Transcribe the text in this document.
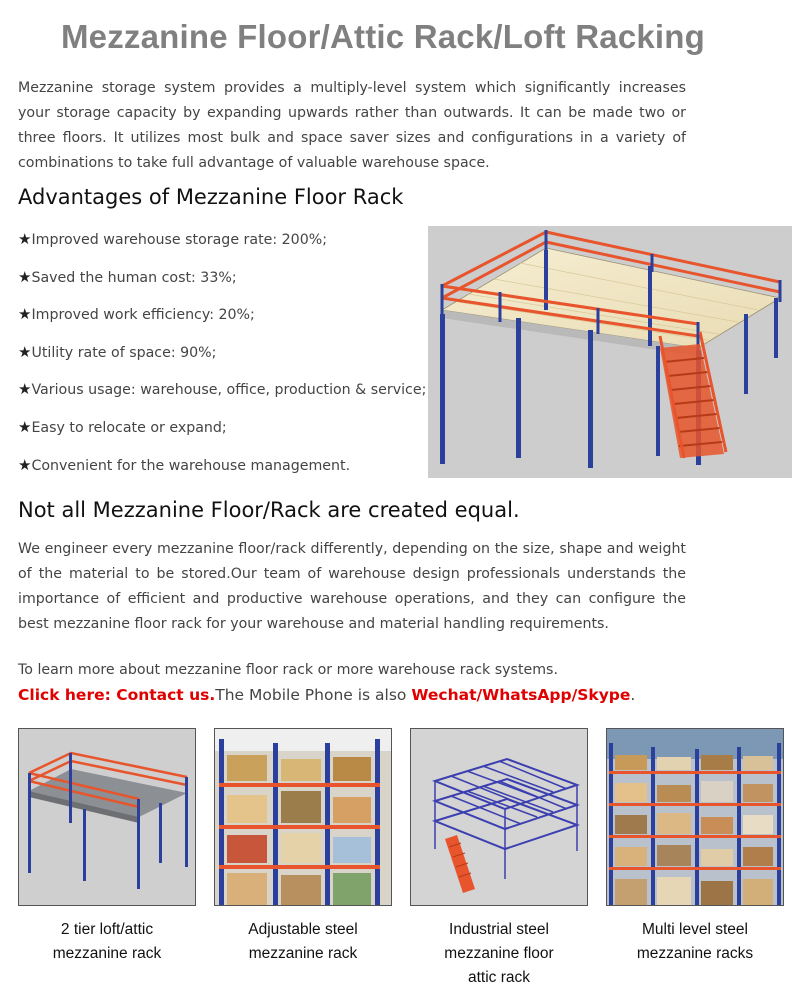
Mezzanine Floor/Attic Rack/Loft Racking
Mezzanine storage system provides a multiply-level system which significantly increases your storage capacity by expanding upwards rather than outwards. It can be made two or three floors. It utilizes most bulk and space saver sizes and configurations in a variety of combinations to take full advantage of valuable warehouse space.
Advantages of Mezzanine Floor Rack
★Improved warehouse storage rate: 200%;
★Saved the human cost: 33%;
★Improved work efficiency: 20%;
★Utility rate of space: 90%;
★Various usage: warehouse, office, production & service;
★Easy to relocate or expand;
★Convenient for the warehouse management.
Not all Mezzanine Floor/Rack are created equal.
We engineer every mezzanine floor/rack differently, depending on the size, shape and weight of the material to be stored.Our team of warehouse design professionals understands the importance of efficient and productive warehouse operations, and they can configure the best mezzanine floor rack for your warehouse and material handling requirements.
To learn more about mezzanine floor rack or more warehouse rack systems.
Click here: Contact us.The Mobile Phone is also Wechat/WhatsApp/Skype.
2 tier loft/attic
mezzanine rack
Adjustable steel
mezzanine rack
Industrial steel
mezzanine floor
attic rack
Multi level steel
mezzanine racks
